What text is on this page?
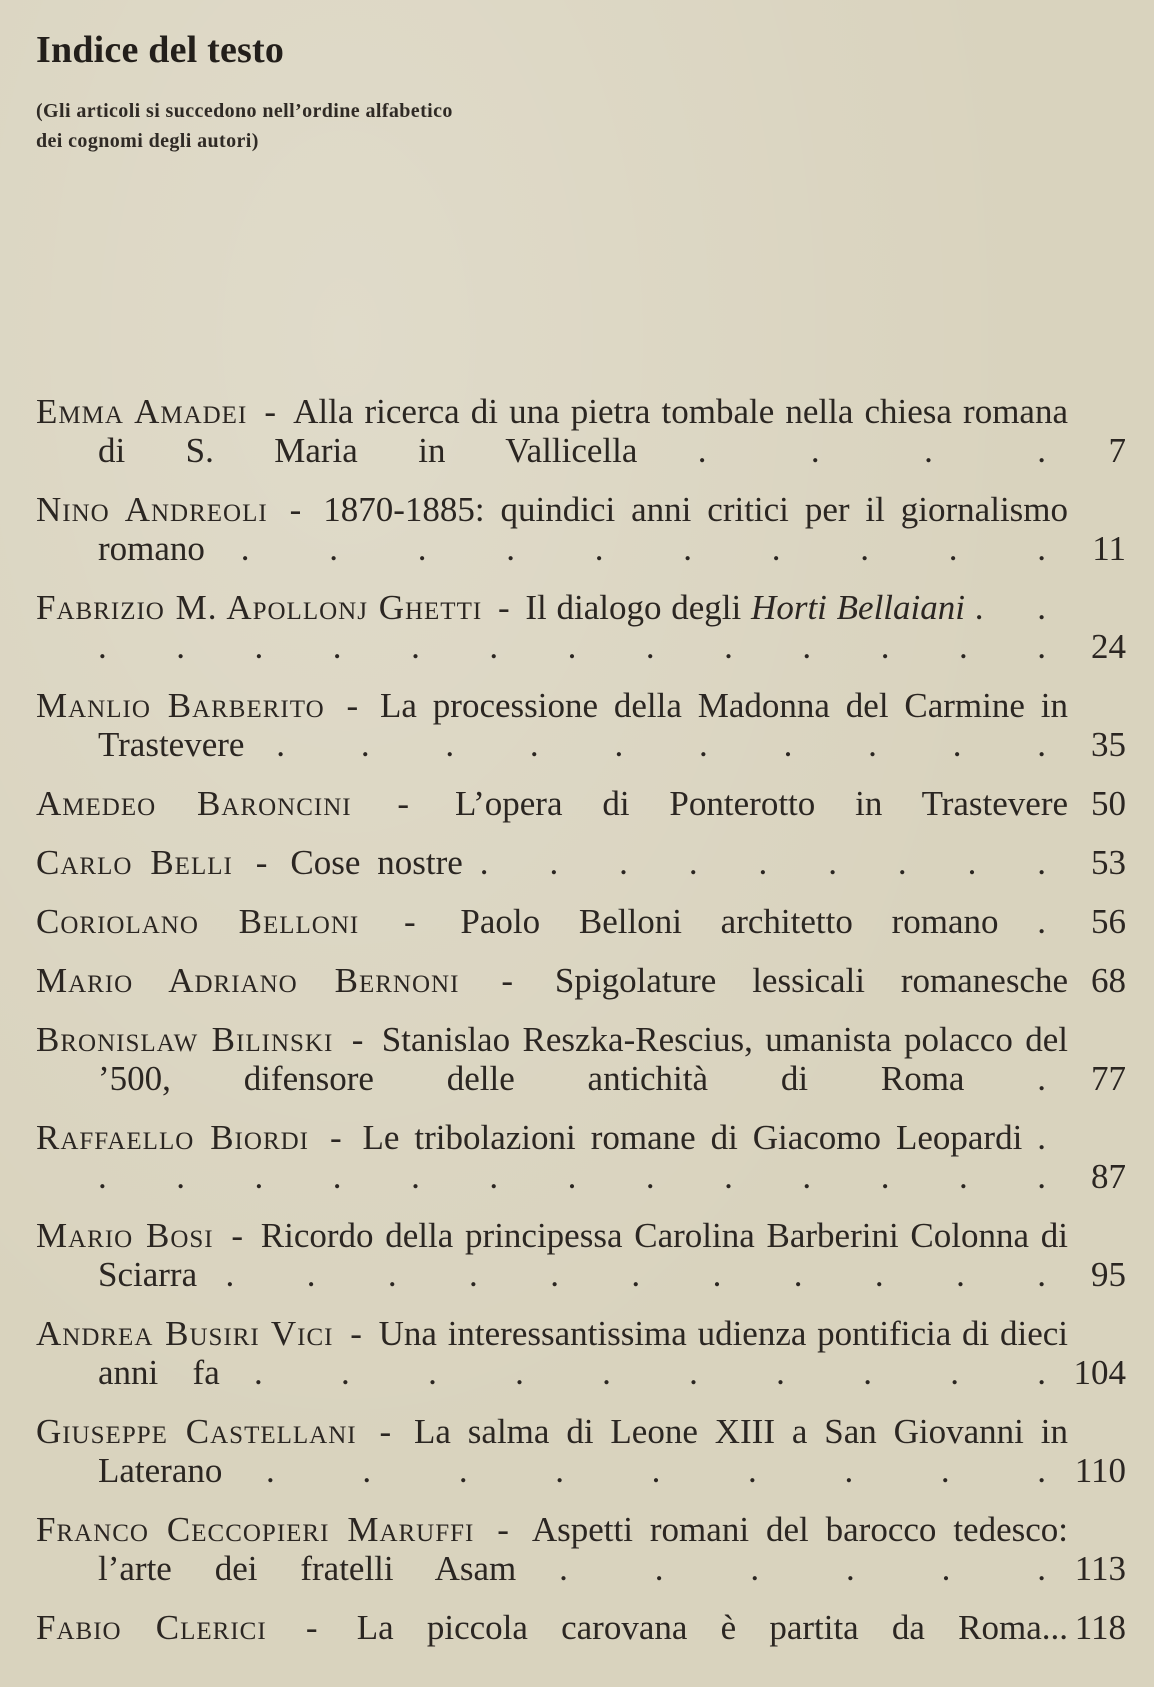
Indice del testo
(Gli articoli si succedono nell’ordine alfabetico
dei cognomi degli autori)
Emma Amadei - Alla ricerca di una pietra tombale nella chiesa romana di S. Maria in Vallicella . . . .	7
Nino Andreoli - 1870-1885: quindici anni critici per il giornalismo romano . . . . . . . . . . 11
Fabrizio M. Apollonj Ghetti - Il dialogo degli Horti Bellaiani . . . . . . . . . . . . . . . 24
Manlio Barberito - La processione della Madonna del Carmine in Trastevere . . . . . . . . . . 35
Amedeo Baroncini - L’opera di Ponterotto in Trastevere 50
Carlo Belli - Cose nostre . . . . . . . . . 53
Coriolano Belloni - Paolo Belloni architetto romano . 56
Mario Adriano Bernoni - Spigolature lessicali romanesche 68
Bronislaw Bilinski - Stanislao Reszka-Rescius, umanista polacco del ’500, difensore delle antichità di Roma . 77
Raffaello Biordi - Le tribolazioni romane di Giacomo Leopardi . . . . . . . . . . . . . . 87
Mario Bosi - Ricordo della principessa Carolina Barberini Colonna di Sciarra . . . . . . . . . . . 95
Andrea Busiri Vici - Una interessantissima udienza pontificia di dieci anni fa . . . . . . . . . . 104
Giuseppe Castellani - La salma di Leone XIII a San Giovanni in Laterano . . . . . . . . . 110
Franco Ceccopieri Maruffi - Aspetti romani del barocco tedesco: l’arte dei fratelli Asam . . . . . . 113
Fabio Clerici - La piccola carovana è partita da Roma... 118
